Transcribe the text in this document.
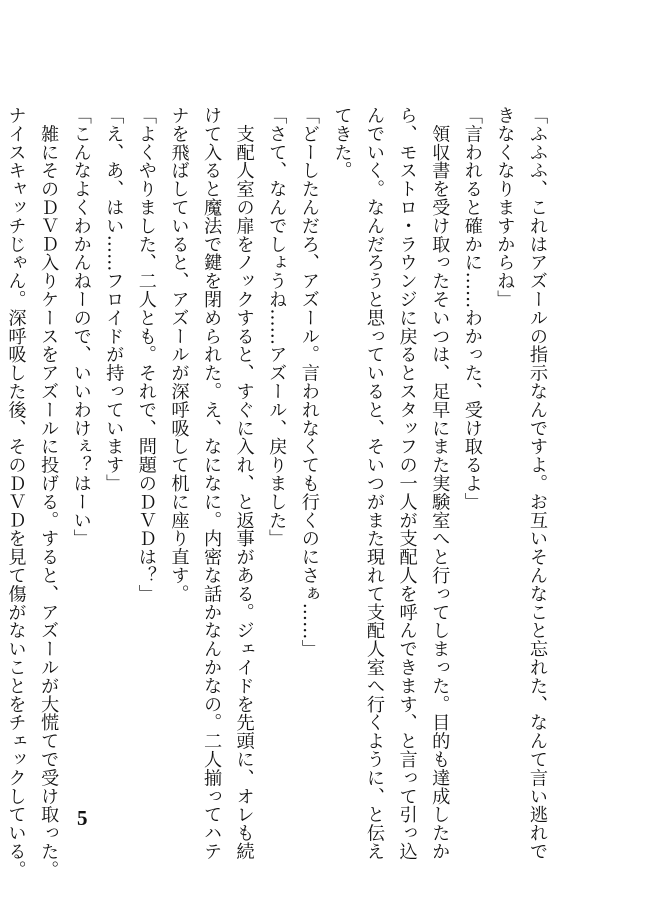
「ふふふ、これはアズールの指示なんですよ。お互いそんなこと忘れた、なんて言い逃れで

きなくなりますからね」

「言われると確かに……わかった、受け取るよ」

　領収書を受け取ったそいつは、足早にまた実験室へと行ってしまった。目的も達成したか

ら、モストロ・ラウンジに戻るとスタッフの一人が支配人を呼んできます、と言って引っ込

んでいく。なんだろうと思っていると、そいつがまた現れて支配人室へ行くように、と伝え

てきた。

「どーしたんだろ、アズール。言われなくても行くのにさぁ……」

「さて、なんでしょうね……アズール、戻りました」

　支配人室の扉をノックすると、すぐに入れ、と返事がある。ジェイドを先頭に、オレも続

けて入ると魔法で鍵を閉められた。え、なになに。内密な話かなんかなの。二人揃ってハテ

ナを飛ばしていると、アズールが深呼吸して机に座り直す。

「よくやりました、二人とも。それで、問題のＤＶＤは？」

「え、あ、はい……フロイドが持っています」

「こんなよくわかんねーので、いいわけぇ？はーい」

　雑にそのＤＶＤ入りケースをアズールに投げる。すると、アズールが大慌てで受け取った。

ナイスキャッチじゃん。深呼吸した後、そのＤＶＤを見て傷がないことをチェックしている。 5
